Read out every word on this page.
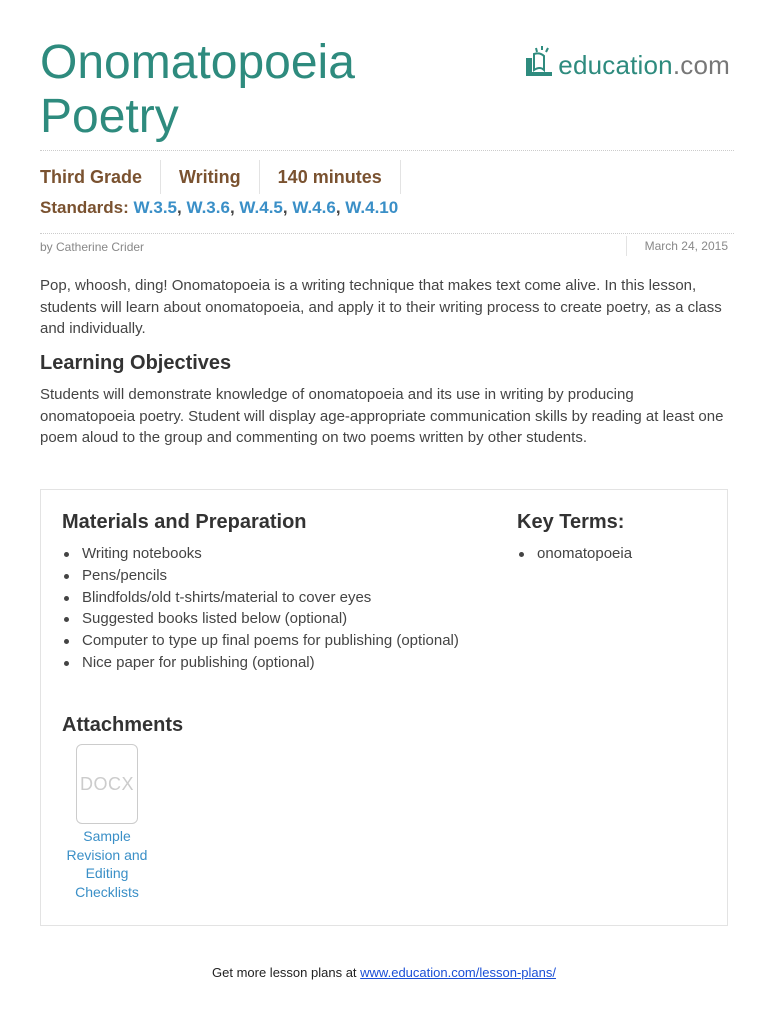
Onomatopoeia
Poetry
education.com
Third Grade	Writing	140 minutes
Standards: W.3.5, W.3.6, W.4.5, W.4.6, W.4.10
by Catherine Crider	March 24, 2015

Pop, whoosh, ding! Onomatopoeia is a writing technique that makes text come alive. In this lesson, students will learn about onomatopoeia, and apply it to their writing process to create poetry, as a class and individually.

Learning Objectives

Students will demonstrate knowledge of onomatopoeia and its use in writing by producing onomatopoeia poetry. Student will display age-appropriate communication skills by reading at least one poem aloud to the group and commenting on two poems written by other students.

Materials and Preparation
Writing notebooks
Pens/pencils
Blindfolds/old t-shirts/material to cover eyes
Suggested books listed below (optional)
Computer to type up final poems for publishing (optional)
Nice paper for publishing (optional)
Key Terms:
onomatopoeia
Attachments
DOCX
Sample Revision and Editing Checklists
Get more lesson plans at www.education.com/lesson-plans/
